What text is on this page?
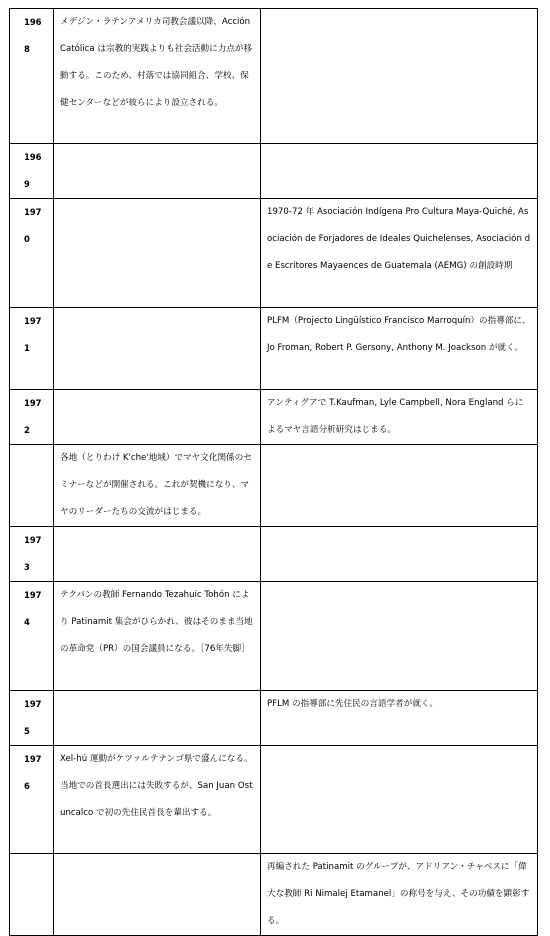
1968	メデジン・ラテンアメリカ司教会議以降、Acción Católica は宗教的実践よりも社会活動に力点が移動する。このため、村落では協同組合、学校、保健センターなどが彼らにより設立される。	
1969		
1970		1970-72 年 Asociación Indígena Pro Cultura Maya-Quiché, Asociación de Forjadores de Ideales Quichelenses, Asociación de Escritores Mayaences de Guatemala (AEMG) の創設時期
1971		PLFM（Projecto Lingüístico Francisco Marroquín）の指導部に、Jo Froman, Robert P. Gersony, Anthony M. Joackson が就く。
1972		アンティグアで T.Kaufman, Lyle Campbell, Nora England らによるマヤ言語分析研究はじまる。
	各地（とりわけ K'che'地域）でマヤ文化関係のセミナーなどが開催される。これが契機になり、マヤのリーダーたちの交流がはじまる。	
1973		
1974	テクパンの教師 Fernando Tezahuic Tohón により Patinamit 集会がひらかれ、彼はそのまま当地の革命党（PR）の国会議員になる。［76年失脚］	
1975		PFLM の指導部に先住民の言語学者が就く。
1976	Xel-hú 運動がケツァルテナンゴ県で盛んになる。当地での首長選出には失敗するが、San Juan Ostuncalco で初の先住民首長を輩出する。	
		再編された Patinamit のグループが、アドリアン・チャベスに「偉大な教師 Ri Nimalej Etamanel」の称号を与え、その功績を顕彰する。
